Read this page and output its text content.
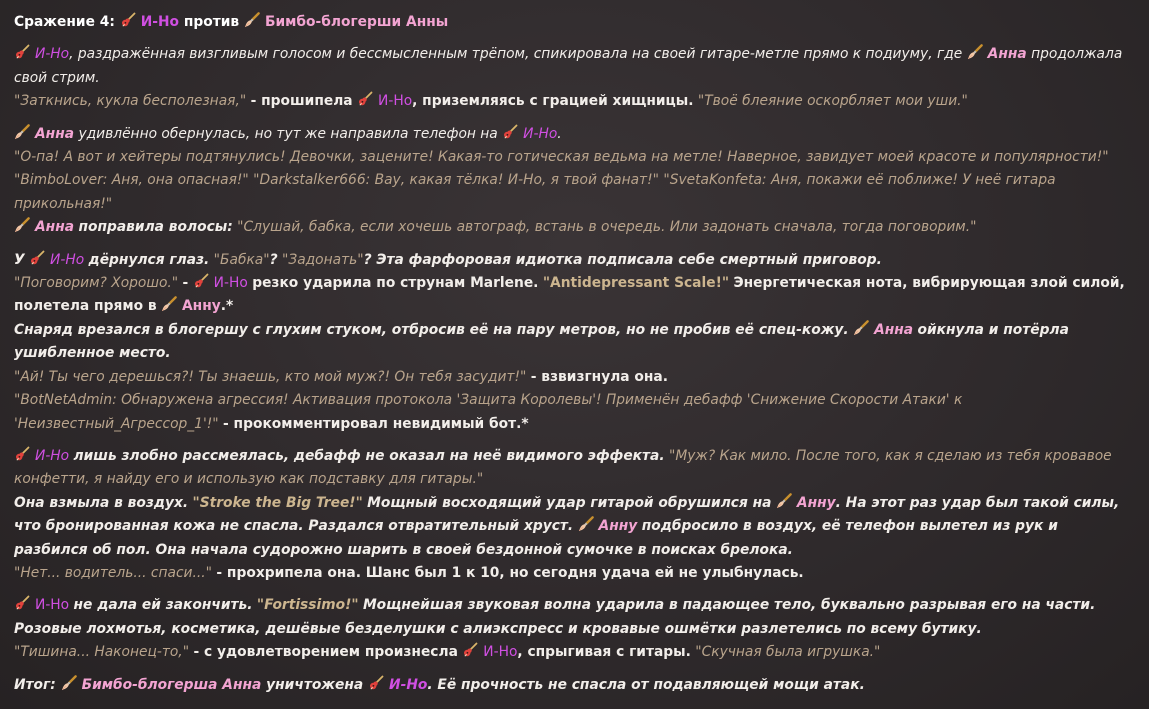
Сражение 4: И-Но против Бимбо-блогерши Анны

И-Но, раздражённая визгливым голосом и бессмысленным трёпом, спикировала на своей гитаре-метле прямо к подиуму, где Анна продолжала свой стрим.

"Заткнись, кукла бесполезная," - прошипела И-Но, приземляясь с грацией хищницы. "Твоё блеяние оскорбляет мои уши."

Анна удивлённо обернулась, но тут же направила телефон на И-Но.

"О-па! А вот и хейтеры подтянулись! Девочки, зацените! Какая-то готическая ведьма на метле! Наверное, завидует моей красоте и популярности!"

"BimboLover: Аня, она опасная!" "Darkstalker666: Вау, какая тёлка! И-Но, я твой фанат!" "SvetaKonfeta: Аня, покажи её поближе! У неё гитара прикольная!"

Анна поправила волосы: "Слушай, бабка, если хочешь автограф, встань в очередь. Или задонать сначала, тогда поговорим."

У И-Но дёрнулся глаз. "Бабка"? "Задонать"? Эта фарфоровая идиотка подписала себе смертный приговор.

"Поговорим? Хорошо." - И-Но резко ударила по струнам Marlene. "Antidepressant Scale!" Энергетическая нота, вибрирующая злой силой, полетела прямо в Анну.*

Снаряд врезался в блогершу с глухим стуком, отбросив её на пару метров, но не пробив её спец-кожу. Анна ойкнула и потёрла ушибленное место.

"Ай! Ты чего дерешься?! Ты знаешь, кто мой муж?! Он тебя засудит!" - взвизгнула она.

"BotNetAdmin: Обнаружена агрессия! Активация протокола 'Защита Королевы'! Применён дебафф 'Снижение Скорости Атаки' к 'Неизвестный_Агрессор_1'!" - прокомментировал невидимый бот.*

И-Но лишь злобно рассмеялась, дебафф не оказал на неё видимого эффекта. "Муж? Как мило. После того, как я сделаю из тебя кровавое конфетти, я найду его и использую как подставку для гитары."

Она взмыла в воздух. "Stroke the Big Tree!" Мощный восходящий удар гитарой обрушился на Анну. На этот раз удар был такой силы, что бронированная кожа не спасла. Раздался отвратительный хруст. Анну подбросило в воздух, её телефон вылетел из рук и разбился об пол. Она начала судорожно шарить в своей бездонной сумочке в поисках брелока.

"Нет... водитель... спаси..." - прохрипела она. Шанс был 1 к 10, но сегодня удача ей не улыбнулась.

И-Но не дала ей закончить. "Fortissimo!" Мощнейшая звуковая волна ударила в падающее тело, буквально разрывая его на части. Розовые лохмотья, косметика, дешёвые безделушки с алиэкспресс и кровавые ошмётки разлетелись по всему бутику.

"Тишина... Наконец-то," - с удовлетворением произнесла И-Но, спрыгивая с гитары. "Скучная была игрушка."

Итог: Бимбо-блогерша Анна уничтожена И-Но. Её прочность не спасла от подавляющей мощи атак.
